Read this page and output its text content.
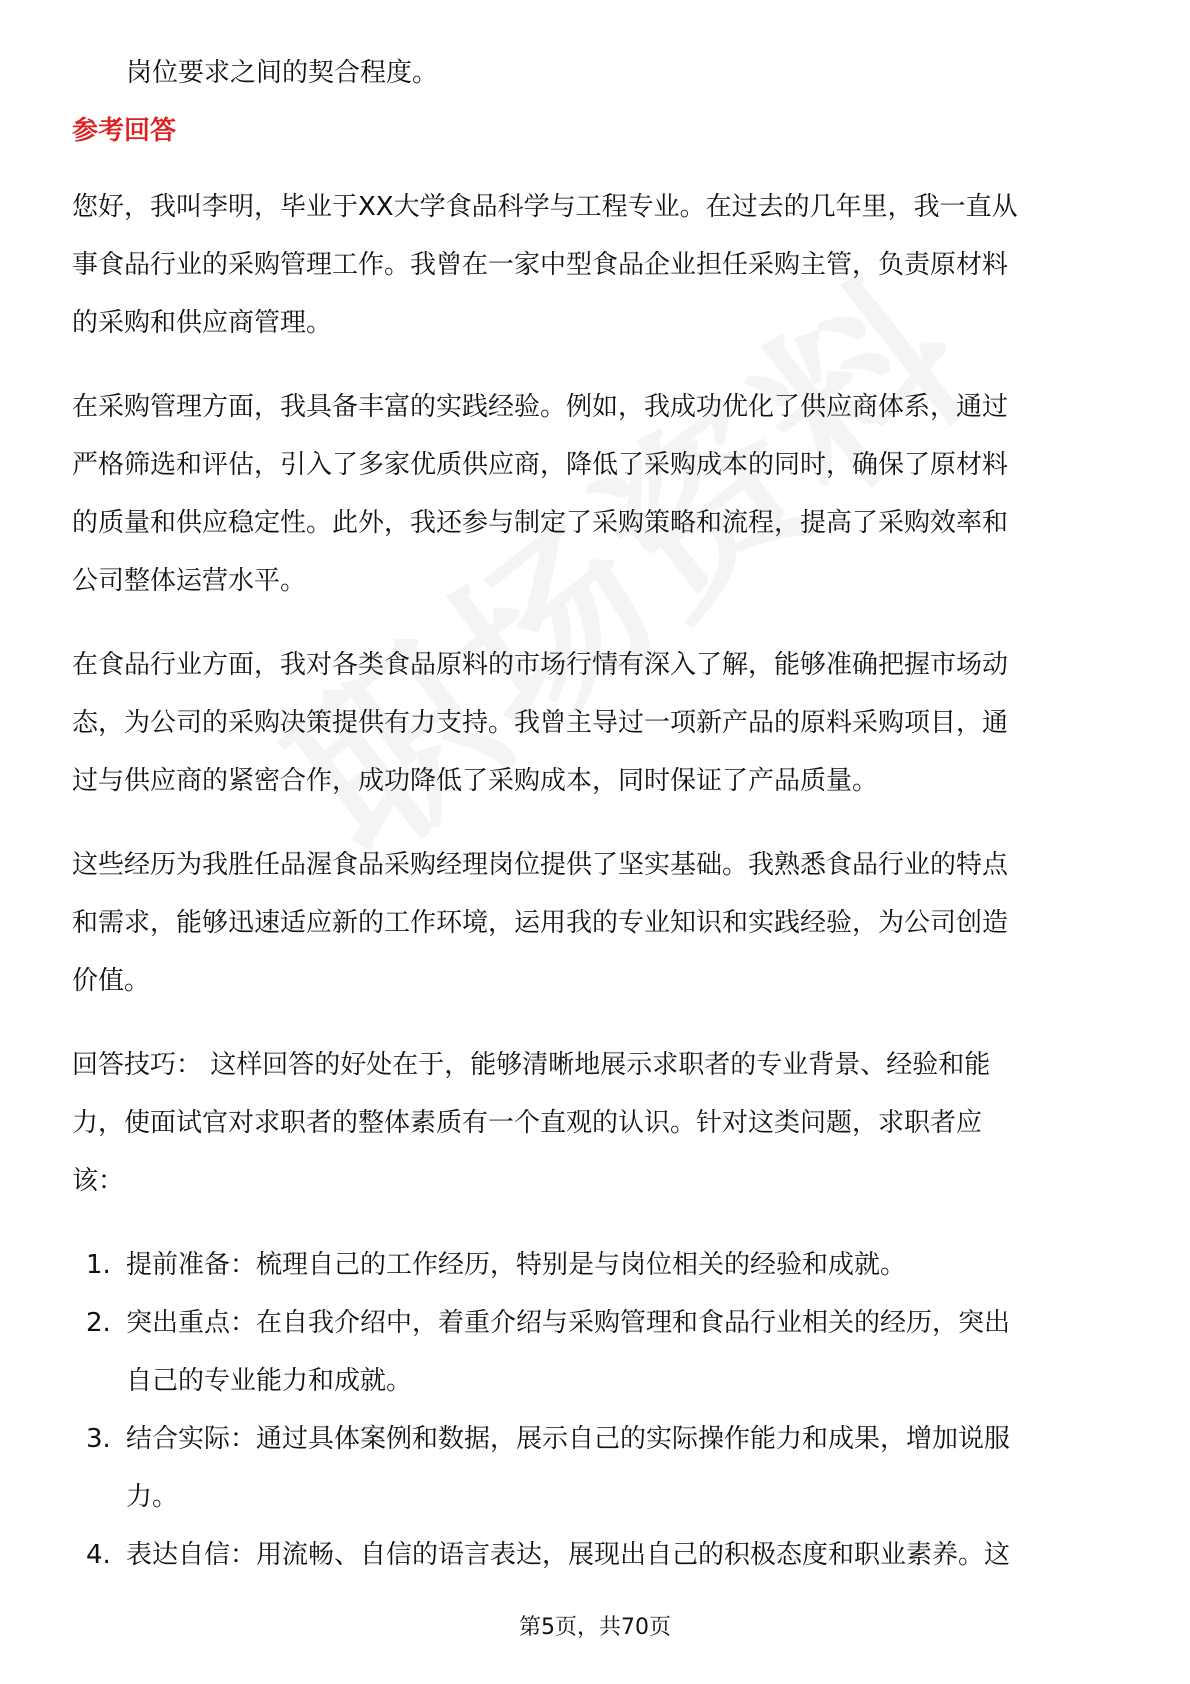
岗位要求之间的契合程度。

参考回答

您好，我叫李明，毕业于XX大学食品科学与工程专业。在过去的几年里，我一直从

事食品行业的采购管理工作。我曾在一家中型食品企业担任采购主管，负责原材料

的采购和供应商管理。

在采购管理方面，我具备丰富的实践经验。例如，我成功优化了供应商体系，通过

严格筛选和评估，引入了多家优质供应商，降低了采购成本的同时，确保了原材料

的质量和供应稳定性。此外，我还参与制定了采购策略和流程，提高了采购效率和

公司整体运营水平。

在食品行业方面，我对各类食品原料的市场行情有深入了解，能够准确把握市场动

态，为公司的采购决策提供有力支持。我曾主导过一项新产品的原料采购项目，通

过与供应商的紧密合作，成功降低了采购成本，同时保证了产品质量。

这些经历为我胜任品渥食品采购经理岗位提供了坚实基础。我熟悉食品行业的特点

和需求，能够迅速适应新的工作环境，运用我的专业知识和实践经验，为公司创造

价值。

回答技巧： 这样回答的好处在于，能够清晰地展示求职者的专业背景、经验和能

力，使面试官对求职者的整体素质有一个直观的认识。针对这类问题，求职者应

该：

1. 提前准备：梳理自己的工作经历，特别是与岗位相关的经验和成就。

2. 突出重点：在自我介绍中，着重介绍与采购管理和食品行业相关的经历，突出

自己的专业能力和成就。

3. 结合实际：通过具体案例和数据，展示自己的实际操作能力和成果，增加说服

力。

4. 表达自信：用流畅、自信的语言表达，展现出自己的积极态度和职业素养。这

第5页，共70页
